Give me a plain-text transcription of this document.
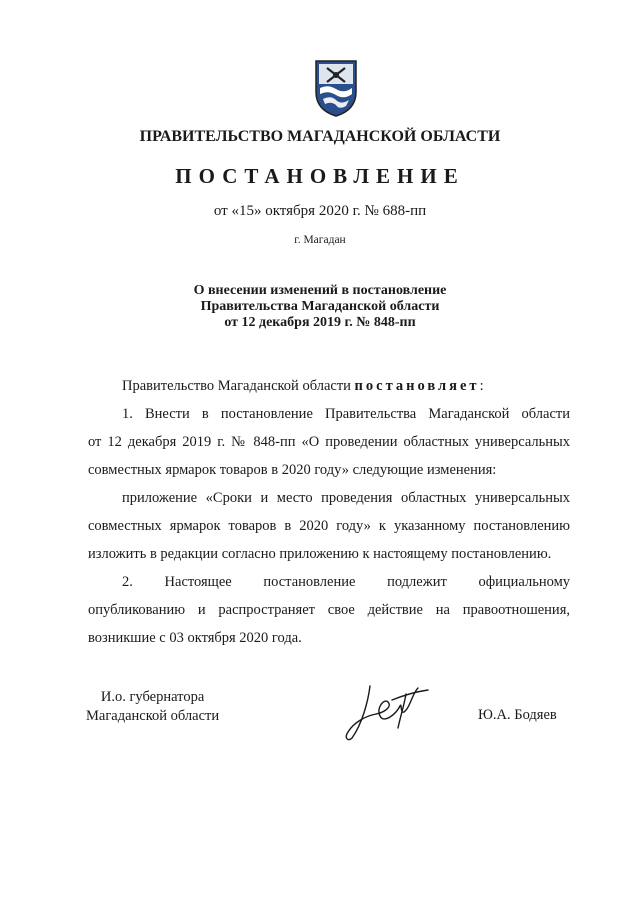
ПРАВИТЕЛЬСТВО МАГАДАНСКОЙ ОБЛАСТИ
ПОСТАНОВЛЕНИЕ
от «15» октября 2020 г. № 688-пп
г. Магадан
О внесении изменений в постановление
Правительства Магаданской области
от 12 декабря 2019 г. № 848-пп
Правительство Магаданской области постановляет:
1. Внести в постановление Правительства Магаданской области
от 12 декабря 2019 г. № 848-пп «О проведении областных универсальных
совместных ярмарок товаров в 2020 году» следующие изменения:
приложение «Сроки и место проведения областных универсальных
совместных ярмарок товаров в 2020 году» к указанному постановлению
изложить в редакции согласно приложению к настоящему постановлению.
2. Настоящее постановление подлежит официальному
опубликованию и распространяет свое действие на правоотношения,
возникшие с 03 октября 2020 года.
И.о. губернатора
Магаданской области	Ю.А. Бодяев
